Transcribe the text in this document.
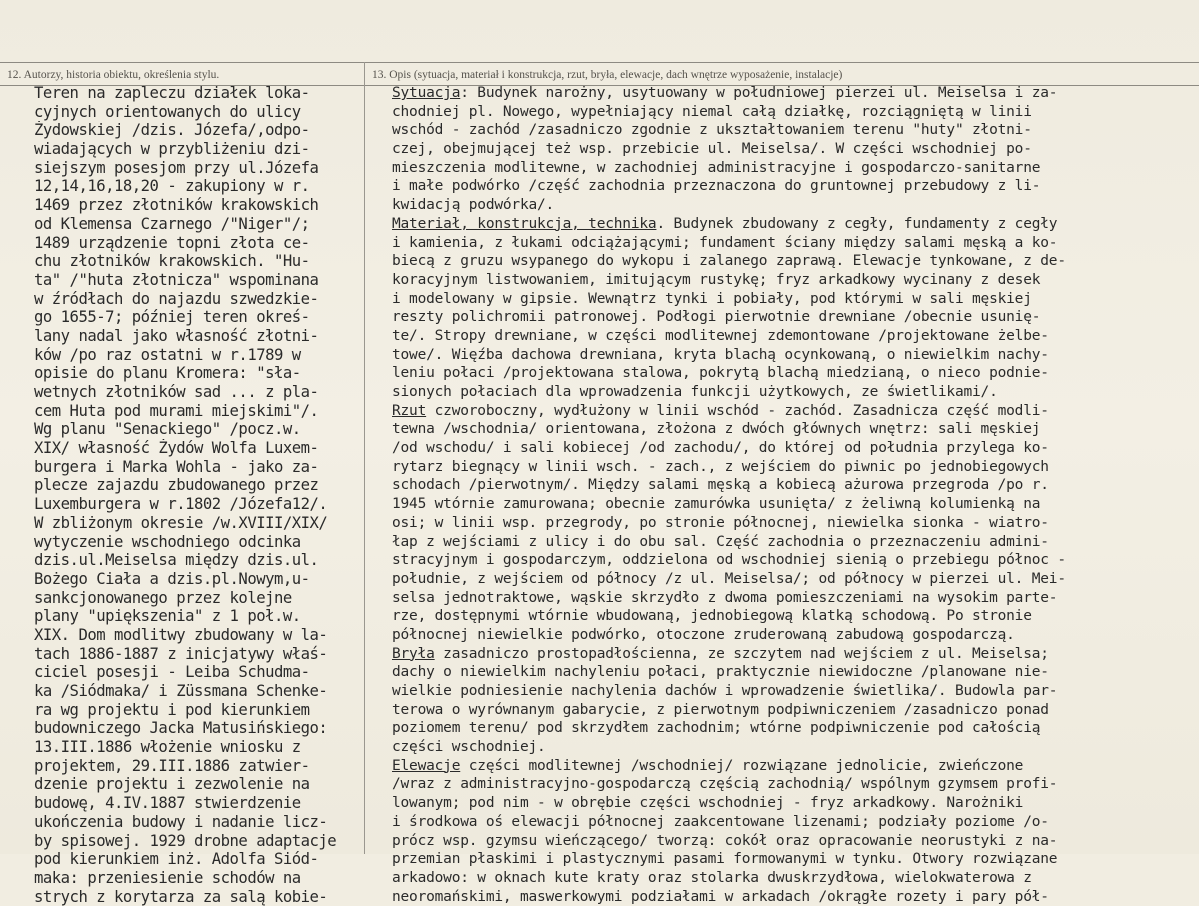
12. Autorzy, historia obiektu, określenia stylu.	13. Opis (sytuacja, materiał i konstrukcja, rzut, bryła, elewacje, dach wnętrze wyposażenie, instalacje)
Teren na zapleczu działek loka-
cyjnych orientowanych do ulicy
Żydowskiej /dzis. Józefa/,odpo-
wiadających w przybliżeniu dzi-
siejszym posesjom przy ul.Józefa
12,14,16,18,20 - zakupiony w r.
1469 przez złotników krakowskich
od Klemensa Czarnego /"Niger"/;
1489 urządzenie topni złota ce-
chu złotników krakowskich. "Hu-
ta" /"huta złotnicza" wspominana
w źródłach do najazdu szwedzkie-
go 1655-7; później teren okreś-
lany nadal jako własność złotni-
ków /po raz ostatni w r.1789 w
opisie do planu Kromera: "sła-
wetnych złotników sad ... z pla-
cem Huta pod murami miejskimi"/.
Wg planu "Senackiego" /pocz.w.
XIX/ własność Żydów Wolfa Luxem-
burgera i Marka Wohla - jako za-
plecze zajazdu zbudowanego przez
Luxemburgera w r.1802 /Józefa12/.
W zbliżonym okresie /w.XVIII/XIX/
wytyczenie wschodniego odcinka
dzis.ul.Meiselsa między dzis.ul.
Bożego Ciała a dzis.pl.Nowym,u-
sankcjonowanego przez kolejne
plany "upiększenia" z 1 poł.w.
XIX. Dom modlitwy zbudowany w la-
tach 1886-1887 z inicjatywy właś-
ciciel posesji - Leiba Schudma-
ka /Siódmaka/ i Züssmana Schenke-
ra wg projektu i pod kierunkiem
budowniczego Jacka Matusińskiego:
13.III.1886 włożenie wniosku z
projektem, 29.III.1886 zatwier-
dzenie projektu i zezwolenie na
budowę, 4.IV.1887 stwierdzenie
ukończenia budowy i nadanie licz-
by spisowej. 1929 drobne adaptacje
pod kierunkiem inż. Adolfa Siód-
maka: przeniesienie schodów na
strych z korytarza za salą kobie-
Sytuacja: Budynek narożny, usytuowany w południowej pierzei ul. Meiselsa i za-
chodniej pl. Nowego, wypełniający niemal całą działkę, rozciągniętą w linii
wschód - zachód /zasadniczo zgodnie z ukształtowaniem terenu "huty" złotni-
czej, obejmującej też wsp. przebicie ul. Meiselsa/. W części wschodniej po-
mieszczenia modlitewne, w zachodniej administracyjne i gospodarczo-sanitarne
i małe podwórko /część zachodnia przeznaczona do gruntownej przebudowy z li-
kwidacją podwórka/.
Materiał, konstrukcja, technika. Budynek zbudowany z cegły, fundamenty z cegły
i kamienia, z łukami odciążającymi; fundament ściany między salami męską a ko-
biecą z gruzu wsypanego do wykopu i zalanego zaprawą. Elewacje tynkowane, z de-
koracyjnym listwowaniem, imitującym rustykę; fryz arkadkowy wycinany z desek
i modelowany w gipsie. Wewnątrz tynki i pobiały, pod którymi w sali męskiej
reszty polichromii patronowej. Podłogi pierwotnie drewniane /obecnie usunię-
te/. Stropy drewniane, w części modlitewnej zdemontowane /projektowane żelbe-
towe/. Więźba dachowa drewniana, kryta blachą ocynkowaną, o niewielkim nachy-
leniu połaci /projektowana stalowa, pokrytą blachą miedzianą, o nieco podnie-
sionych połaciach dla wprowadzenia funkcji użytkowych, ze świetlikami/.
Rzut czworoboczny, wydłużony w linii wschód - zachód. Zasadnicza część modli-
tewna /wschodnia/ orientowana, złożona z dwóch głównych wnętrz: sali męskiej
/od wschodu/ i sali kobiecej /od zachodu/, do której od południa przylega ko-
rytarz biegnący w linii wsch. - zach., z wejściem do piwnic po jednobiegowych
schodach /pierwotnym/. Między salami męską a kobiecą ażurowa przegroda /po r.
1945 wtórnie zamurowana; obecnie zamurówka usunięta/ z żeliwną kolumienką na
osi; w linii wsp. przegrody, po stronie północnej, niewielka sionka - wiatro-
łap z wejściami z ulicy i do obu sal. Część zachodnia o przeznaczeniu admini-
stracyjnym i gospodarczym, oddzielona od wschodniej sienią o przebiegu północ -
południe, z wejściem od północy /z ul. Meiselsa/; od północy w pierzei ul. Mei-
selsa jednotraktowe, wąskie skrzydło z dwoma pomieszczeniami na wysokim parte-
rze, dostępnymi wtórnie wbudowaną, jednobiegową klatką schodową. Po stronie
północnej niewielkie podwórko, otoczone zruderowaną zabudową gospodarczą.
Bryła zasadniczo prostopadłościenna, ze szczytem nad wejściem z ul. Meiselsa;
dachy o niewielkim nachyleniu połaci, praktycznie niewidoczne /planowane nie-
wielkie podniesienie nachylenia dachów i wprowadzenie świetlika/. Budowla par-
terowa o wyrównanym gabarycie, z pierwotnym podpiwniczeniem /zasadniczo ponad
poziomem terenu/ pod skrzydłem zachodnim; wtórne podpiwniczenie pod całością
części wschodniej.
Elewacje części modlitewnej /wschodniej/ rozwiązane jednolicie, zwieńczone
/wraz z administracyjno-gospodarczą częścią zachodnią/ wspólnym gzymsem profi-
lowanym; pod nim - w obrębie części wschodniej - fryz arkadkowy. Narożniki
i środkowa oś elewacji północnej zaakcentowane lizenami; podziały poziome /o-
prócz wsp. gzymsu wieńczącego/ tworzą: cokół oraz opracowanie neorustyki z na-
przemian płaskimi i plastycznymi pasami formowanymi w tynku. Otwory rozwiązane
arkadowo: w oknach kute kraty oraz stolarka dwuskrzydłowa, wielokwaterowa z
neoromańskimi, maswerkowymi podziałami w arkadach /okrągłe rozety i pary pół-
